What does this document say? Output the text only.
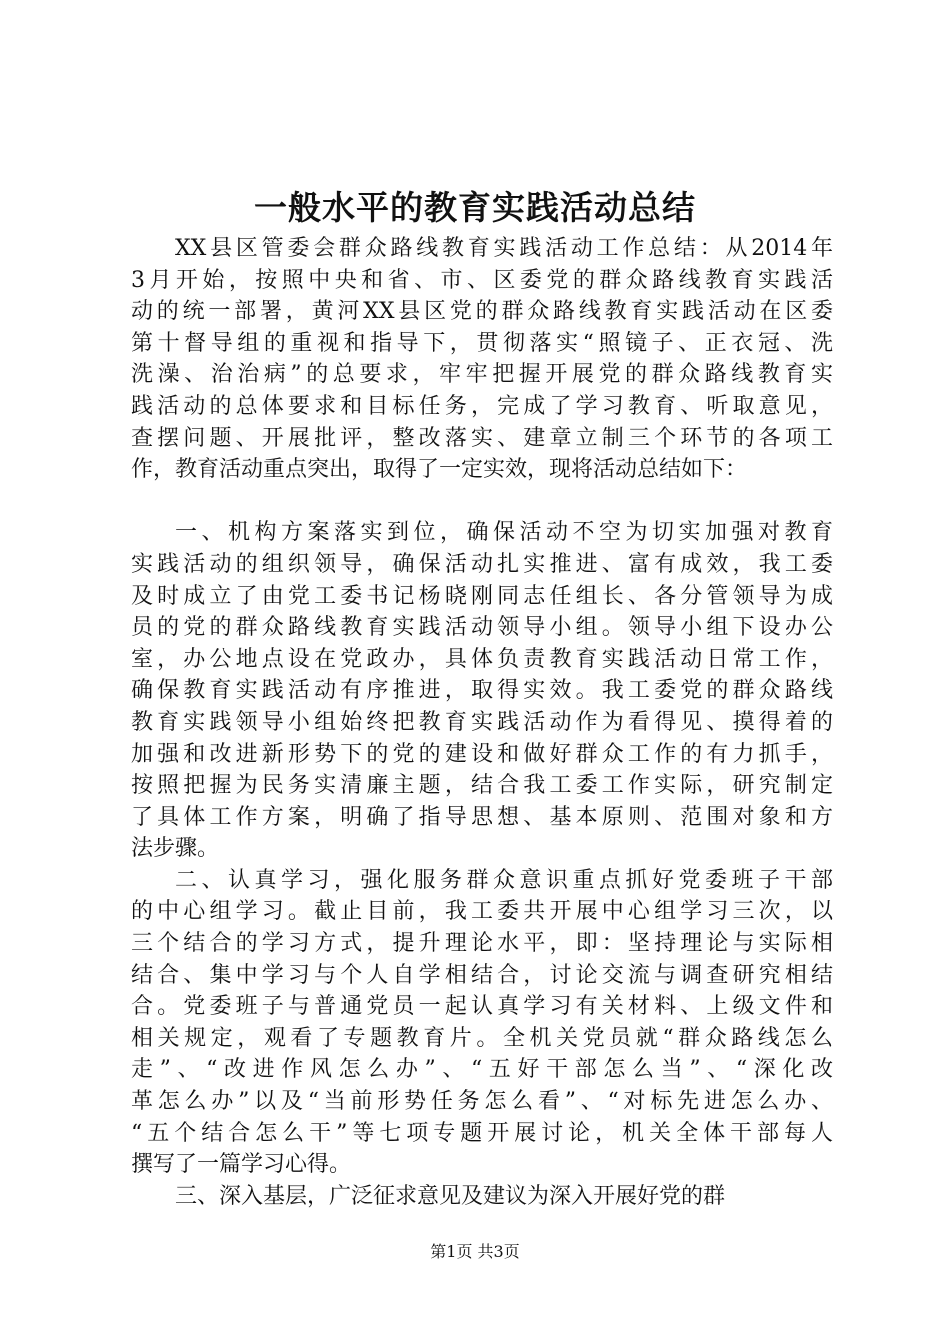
一般水平的教育实践活动总结
XX县区管委会群众路线教育实践活动工作总结：从2014年
3月开始，按照中央和省、市、区委党的群众路线教育实践活
动的统一部署，黄河XX县区党的群众路线教育实践活动在区委
第十督导组的重视和指导下，贯彻落实“照镜子、正衣冠、洗
洗澡、治治病”的总要求，牢牢把握开展党的群众路线教育实
践活动的总体要求和目标任务，完成了学习教育、听取意见，
查摆问题、开展批评，整改落实、建章立制三个环节的各项工
作，教育活动重点突出，取得了一定实效，现将活动总结如下：
一、机构方案落实到位，确保活动不空为切实加强对教育
实践活动的组织领导，确保活动扎实推进、富有成效，我工委
及时成立了由党工委书记杨晓刚同志任组长、各分管领导为成
员的党的群众路线教育实践活动领导小组。领导小组下设办公
室，办公地点设在党政办，具体负责教育实践活动日常工作，
确保教育实践活动有序推进，取得实效。我工委党的群众路线
教育实践领导小组始终把教育实践活动作为看得见、摸得着的
加强和改进新形势下的党的建设和做好群众工作的有力抓手，
按照把握为民务实清廉主题，结合我工委工作实际，研究制定
了具体工作方案，明确了指导思想、基本原则、范围对象和方
法步骤。
二、认真学习，强化服务群众意识重点抓好党委班子干部
的中心组学习。截止目前，我工委共开展中心组学习三次，以
三个结合的学习方式，提升理论水平，即：坚持理论与实际相
结合、集中学习与个人自学相结合，讨论交流与调查研究相结
合。党委班子与普通党员一起认真学习有关材料、上级文件和
相关规定，观看了专题教育片。全机关党员就“群众路线怎么
走”、“改进作风怎么办”、“五好干部怎么当”、“深化改
革怎么办”以及“当前形势任务怎么看”、“对标先进怎么办、
“五个结合怎么干”等七项专题开展讨论，机关全体干部每人
撰写了一篇学习心得。
三、深入基层，广泛征求意见及建议为深入开展好党的群
第1页 共3页
